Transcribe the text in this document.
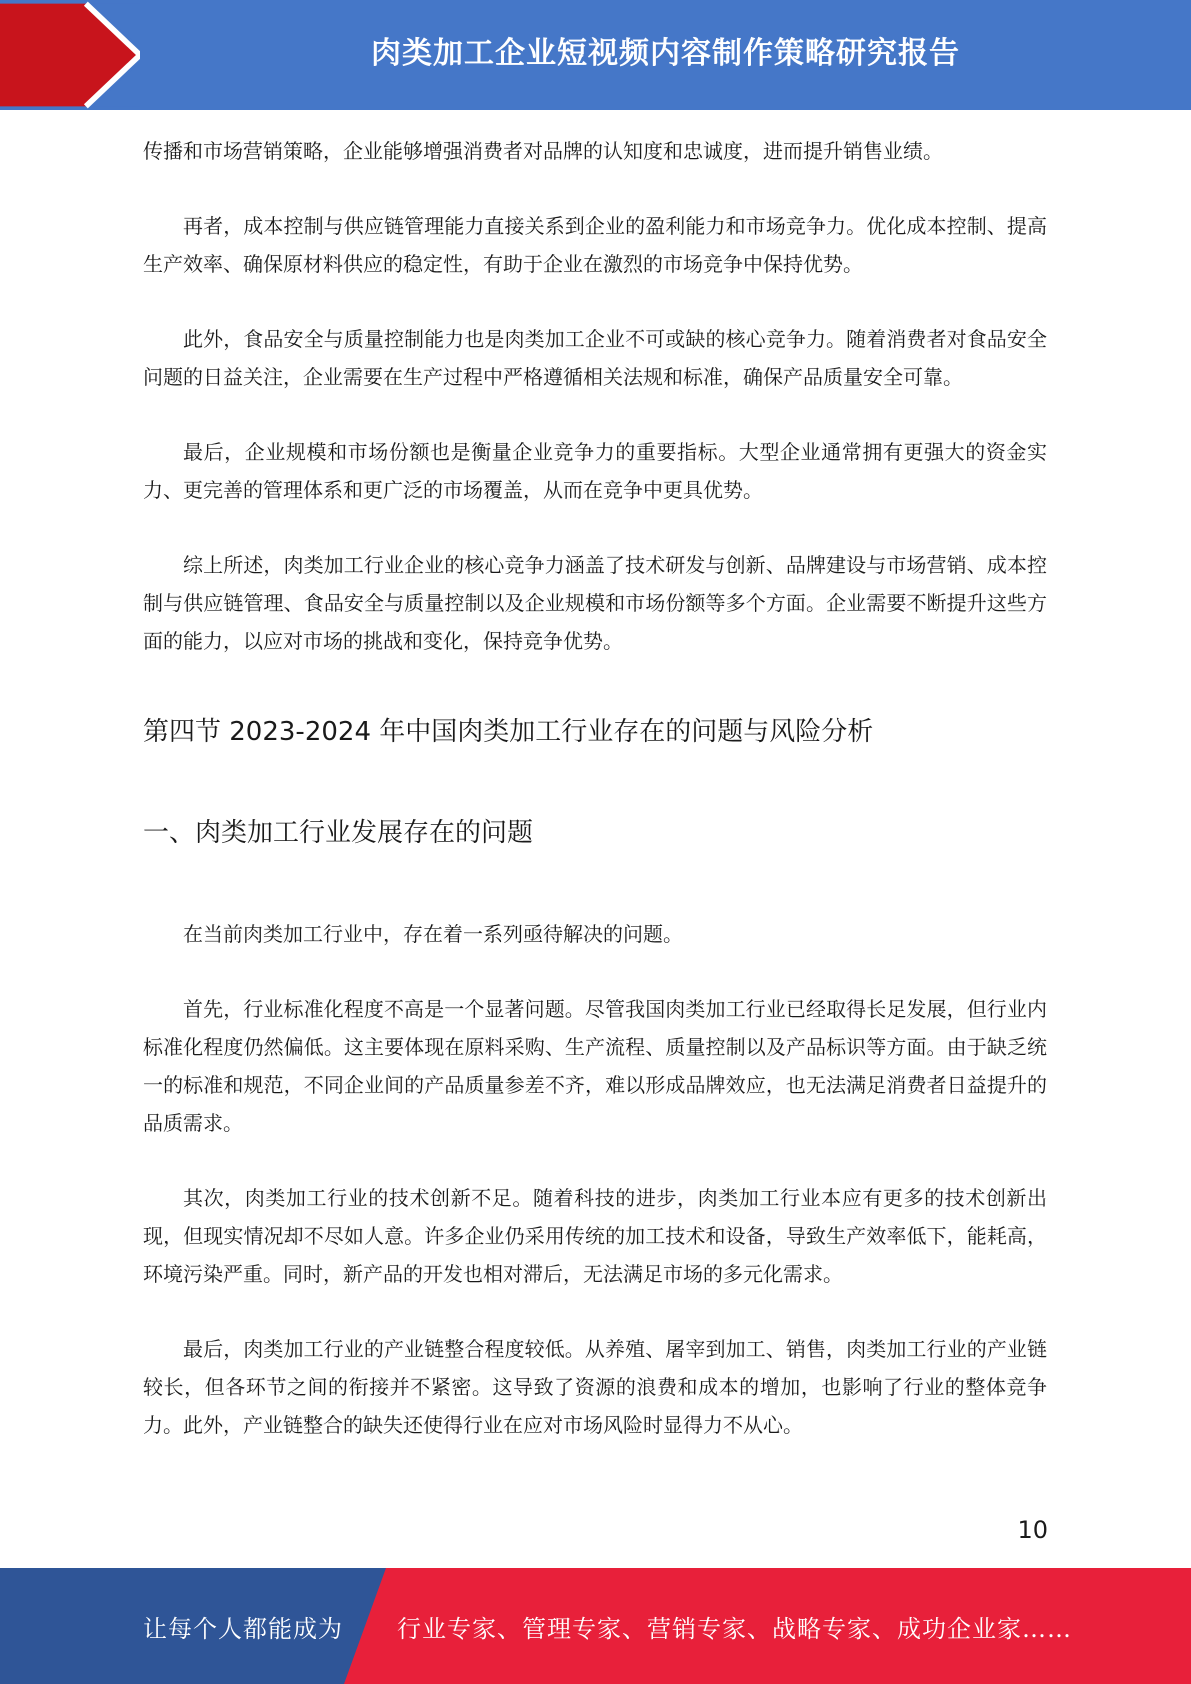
肉类加工企业短视频内容制作策略研究报告

传播和市场营销策略，企业能够增强消费者对品牌的认知度和忠诚度，进而提升销售业绩。

再者，成本控制与供应链管理能力直接关系到企业的盈利能力和市场竞争力。优化成本控制、提高生产效率、确保原材料供应的稳定性，有助于企业在激烈的市场竞争中保持优势。

此外，食品安全与质量控制能力也是肉类加工企业不可或缺的核心竞争力。随着消费者对食品安全问题的日益关注，企业需要在生产过程中严格遵循相关法规和标准，确保产品质量安全可靠。

最后，企业规模和市场份额也是衡量企业竞争力的重要指标。大型企业通常拥有更强大的资金实力、更完善的管理体系和更广泛的市场覆盖，从而在竞争中更具优势。

综上所述，肉类加工行业企业的核心竞争力涵盖了技术研发与创新、品牌建设与市场营销、成本控制与供应链管理、食品安全与质量控制以及企业规模和市场份额等多个方面。企业需要不断提升这些方面的能力，以应对市场的挑战和变化，保持竞争优势。

第四节 2023-2024 年中国肉类加工行业存在的问题与风险分析
一、肉类加工行业发展存在的问题

在当前肉类加工行业中，存在着一系列亟待解决的问题。

首先，行业标准化程度不高是一个显著问题。尽管我国肉类加工行业已经取得长足发展，但行业内标准化程度仍然偏低。这主要体现在原料采购、生产流程、质量控制以及产品标识等方面。由于缺乏统一的标准和规范，不同企业间的产品质量参差不齐，难以形成品牌效应，也无法满足消费者日益提升的品质需求。

其次，肉类加工行业的技术创新不足。随着科技的进步，肉类加工行业本应有更多的技术创新出现，但现实情况却不尽如人意。许多企业仍采用传统的加工技术和设备，导致生产效率低下，能耗高，环境污染严重。同时，新产品的开发也相对滞后，无法满足市场的多元化需求。

最后，肉类加工行业的产业链整合程度较低。从养殖、屠宰到加工、销售，肉类加工行业的产业链较长，但各环节之间的衔接并不紧密。这导致了资源的浪费和成本的增加，也影响了行业的整体竞争力。此外，产业链整合的缺失还使得行业在应对市场风险时显得力不从心。

10
让每个人都能成为 行业专家、管理专家、营销专家、战略专家、成功企业家……
